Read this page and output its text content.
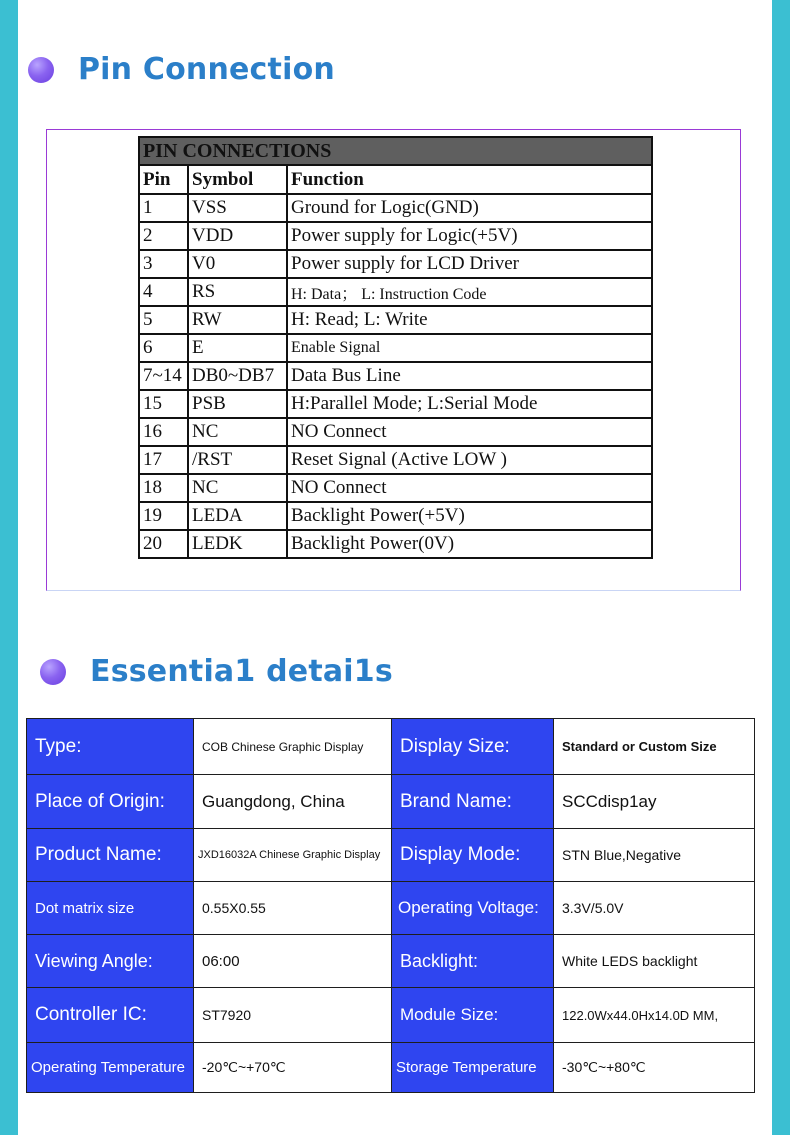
Pin Connection
PIN CONNECTIONS		
Pin	Symbol	Function
1	VSS	Ground for Logic(GND)
2	VDD	Power supply for Logic(+5V)
3	V0	Power supply for LCD Driver
4	RS	H: Data； L: Instruction Code
5	RW	H: Read; L: Write
6	E	Enable Signal
7~14	DB0~DB7	Data Bus Line
15	PSB	H:Parallel Mode; L:Serial Mode
16	NC	NO Connect
17	/RST	Reset Signal (Active LOW )
18	NC	NO Connect
19	LEDA	Backlight Power(+5V)
20	LEDK	Backlight Power(0V)
Essentia1 detai1s
Type:	COB Chinese Graphic Display	Display Size:	Standard or Custom Size
Place of Origin:	Guangdong, China	Brand Name:	SCCdisp1ay
Product Name:	JXD16032A Chinese Graphic Display	Display Mode:	STN Blue,Negative
Dot matrix size	0.55X0.55	Operating Voltage:	3.3V/5.0V
Viewing Angle:	06:00	Backlight:	White LEDS backlight
Controller IC:	ST7920	Module Size:	122.0Wx44.0Hx14.0D MM,
Operating Temperature	-20℃~+70℃	Storage Temperature	-30℃~+80℃
